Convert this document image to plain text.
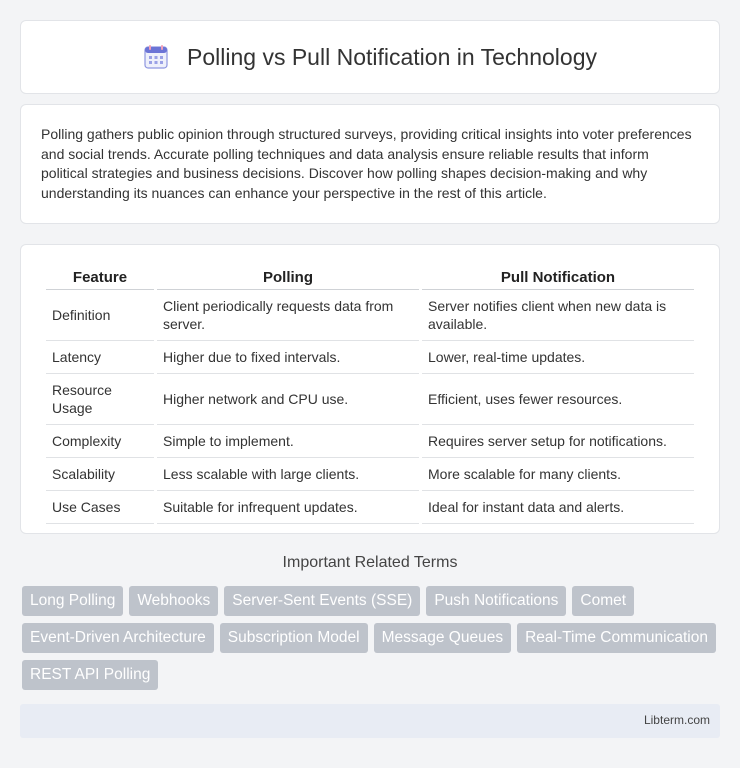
Polling vs Pull Notification in Technology

Polling gathers public opinion through structured surveys, providing critical insights into voter preferences and social trends. Accurate polling techniques and data analysis ensure reliable results that inform political strategies and business decisions. Discover how polling shapes decision-making and why understanding its nuances can enhance your perspective in the rest of this article.

Feature	Polling	Pull Notification
Definition	Client periodically requests data from server.	Server notifies client when new data is available.
Latency	Higher due to fixed intervals.	Lower, real-time updates.
Resource Usage	Higher network and CPU use.	Efficient, uses fewer resources.
Complexity	Simple to implement.	Requires server setup for notifications.
Scalability	Less scalable with large clients.	More scalable for many clients.
Use Cases	Suitable for infrequent updates.	Ideal for instant data and alerts.
Important Related Terms
Long Polling	Webhooks	Server-Sent Events (SSE)	Push Notifications	Comet
Event-Driven Architecture	Subscription Model	Message Queues	Real-Time Communication
REST API Polling
Libterm.com
